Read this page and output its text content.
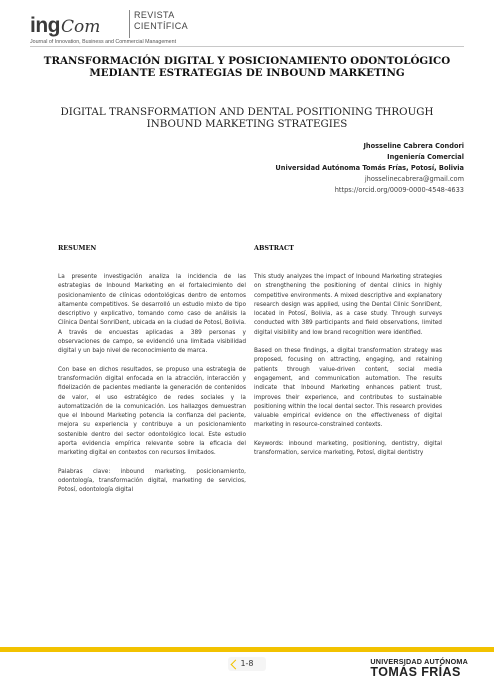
ing Com
REVISTA
CIENTÍFICA
Journal of Innovation, Business and Commercial Management
TRANSFORMACIÓN DIGITAL Y POSICIONAMIENTO ODONTOLÓGICO MEDIANTE ESTRATEGIAS DE INBOUND MARKETING
DIGITAL TRANSFORMATION AND DENTAL POSITIONING THROUGH INBOUND MARKETING STRATEGIES
Jhosseline Cabrera Condori
Ingeniería Comercial
Universidad Autónoma Tomás Frías, Potosí, Bolivia
jhosselinecabrera@gmail.com
https://orcid.org/0009-0000-4548-4633
RESUMEN

La presente investigación analiza la incidencia de las estrategias de Inbound Marketing en el fortalecimiento del posicionamiento de clínicas odontológicas dentro de entornos altamente competitivos. Se desarrolló un estudio mixto de tipo descriptivo y explicativo, tomando como caso de análisis la Clínica Dental SonriDent, ubicada en la ciudad de Potosí, Bolivia. A través de encuestas aplicadas a 389 personas y observaciones de campo, se evidenció una limitada visibilidad digital y un bajo nivel de reconocimiento de marca.

Con base en dichos resultados, se propuso una estrategia de transformación digital enfocada en la atracción, interacción y fidelización de pacientes mediante la generación de contenidos de valor, el uso estratégico de redes sociales y la automatización de la comunicación. Los hallazgos demuestran que el Inbound Marketing potencia la confianza del paciente, mejora su experiencia y contribuye a un posicionamiento sostenible dentro del sector odontológico local. Este estudio aporta evidencia empírica relevante sobre la eficacia del marketing digital en contextos con recursos limitados.

Palabras clave: inbound marketing, posicionamiento, odontología, transformación digital, marketing de servicios, Potosí, odontología digital

ABSTRACT

This study analyzes the impact of Inbound Marketing strategies on strengthening the positioning of dental clinics in highly competitive environments. A mixed descriptive and explanatory research design was applied, using the Dental Clinic SonriDent, located in Potosí, Bolivia, as a case study. Through surveys conducted with 389 participants and field observations, limited digital visibility and low brand recognition were identified.

Based on these findings, a digital transformation strategy was proposed, focusing on attracting, engaging, and retaining patients through value-driven content, social media engagement, and communication automation. The results indicate that Inbound Marketing enhances patient trust, improves their experience, and contributes to sustainable positioning within the local dental sector. This research provides valuable empirical evidence on the effectiveness of digital marketing in resource-constrained contexts.

Keywords: inbound marketing, positioning, dentistry, digital transformation, service marketing, Potosí, digital dentistry

1-8	UNIVERSIDAD AUTÓNOMA
TOMÁS FRÍAS
